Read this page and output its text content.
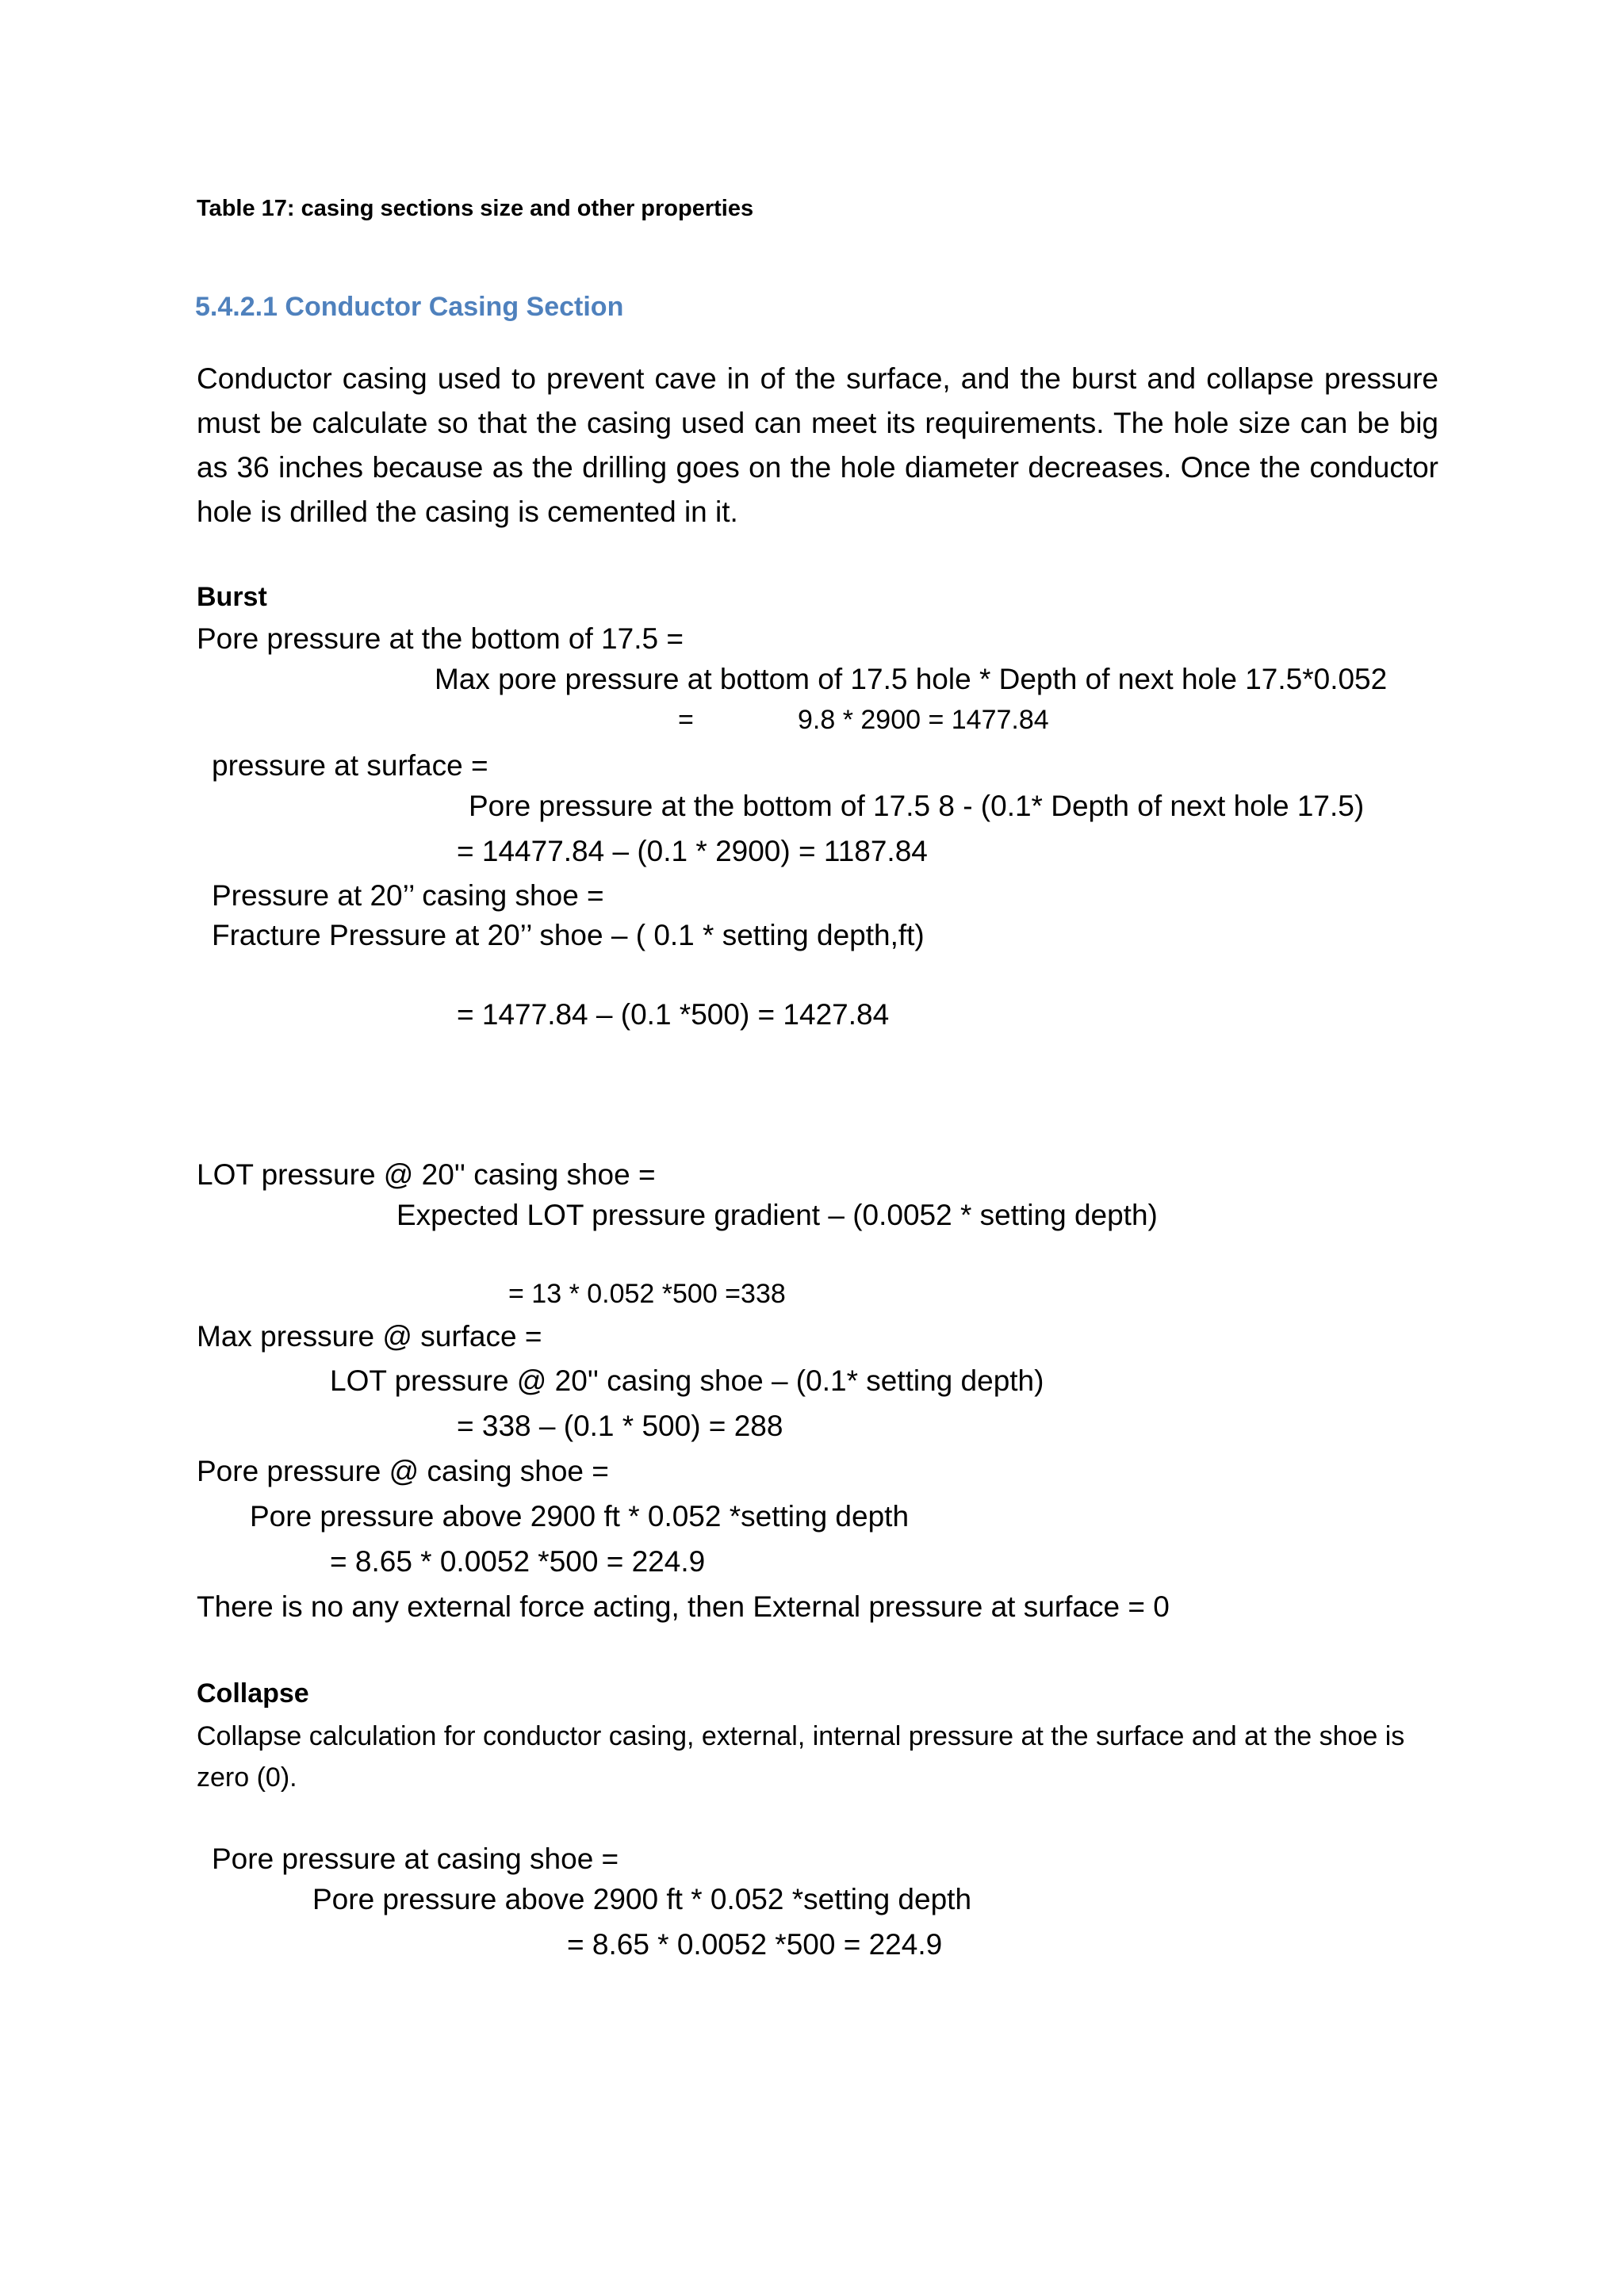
Table 17: casing sections size and other properties

5.4.2.1 Conductor Casing Section

Conductor casing used to prevent cave in of the surface, and the burst and collapse pressure must be calculate so that the casing used can meet its requirements. The hole size can be big as 36 inches because as the drilling goes on the hole diameter decreases. Once the conductor hole is drilled the casing is cemented in it.

Burst

Pore pressure at the bottom of 17.5 =

Max pore pressure at bottom of 17.5 hole * Depth of next hole 17.5*0.052

=	9.8 * 2900 = 1477.84

pressure at surface =

Pore pressure at the bottom of 17.5 8 - (0.1* Depth of next hole 17.5)

= 14477.84 – (0.1 * 2900) = 1187.84

Pressure at 20’’ casing shoe =

Fracture Pressure at 20’’ shoe – ( 0.1 * setting depth,ft)

= 1477.84 – (0.1 *500) = 1427.84

LOT pressure @ 20'' casing shoe =

Expected LOT pressure gradient – (0.0052 * setting depth)

= 13 * 0.052 *500 =338

Max pressure @ surface =

LOT pressure @ 20'' casing shoe – (0.1* setting depth)

= 338 – (0.1 * 500) = 288

Pore pressure @ casing shoe =

Pore pressure above 2900 ft * 0.052 *setting depth

= 8.65 * 0.0052 *500 = 224.9

There is no any external force acting, then External pressure at surface = 0

Collapse

Collapse calculation for conductor casing, external, internal pressure at the surface and at the shoe is zero (0).

Pore pressure at casing shoe =

Pore pressure above 2900 ft * 0.052 *setting depth

= 8.65 * 0.0052 *500 = 224.9
